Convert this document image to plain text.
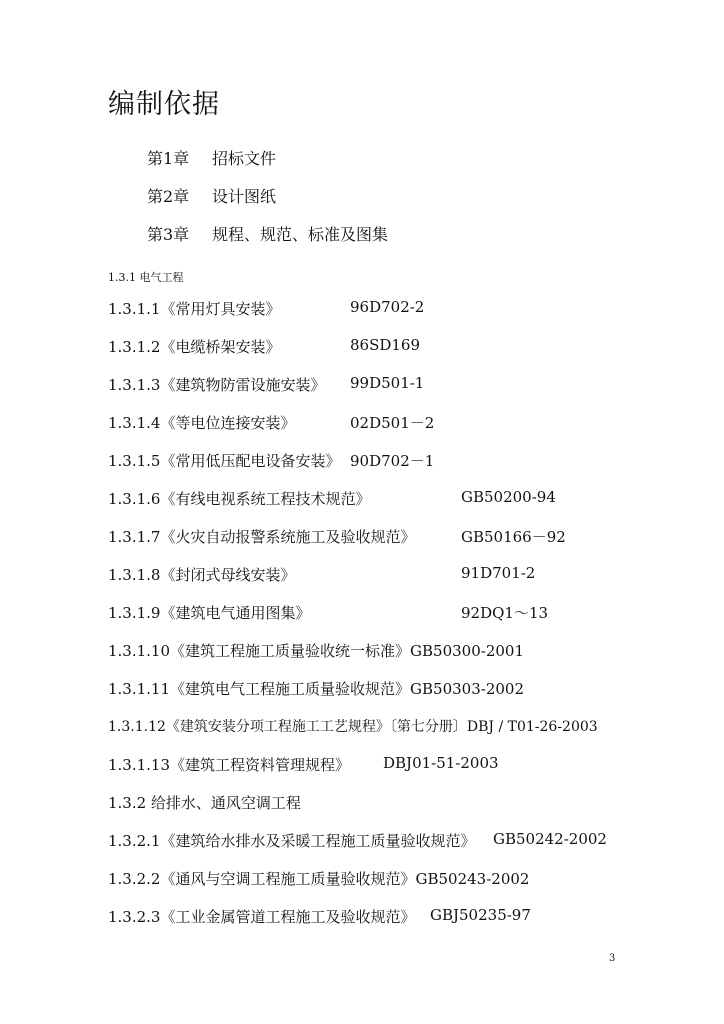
编制依据
第1章 招标文件
第2章 设计图纸
第3章 规程、规范、标准及图集
1.3.1 电气工程
1.3.1.1《常用灯具安装》	96D702-2
1.3.1.2《电缆桥架安装》	86SD169
1.3.1.3《建筑物防雷设施安装》 99D501-1
1.3.1.4《等电位连接安装》	02D501－2
1.3.1.5《常用低压配电设备安装》 90D702－1
1.3.1.6《有线电视系统工程技术规范》	GB50200-94
1.3.1.7《火灾自动报警系统施工及验收规范》	GB50166－92
1.3.1.8《封闭式母线安装》	91D701-2
1.3.1.9《建筑电气通用图集》	92DQ1～13
1.3.1.10《建筑工程施工质量验收统一标准》GB50300-2001
1.3.1.11《建筑电气工程施工质量验收规范》GB50303-2002
1.3.1.12《建筑安装分项工程施工工艺规程》〔第七分册〕DBJ / T01-26-2003
1.3.1.13《建筑工程资料管理规程》 DBJ01-51-2003
1.3.2 给排水、通风空调工程
1.3.2.1《建筑给水排水及采暖工程施工质量验收规范》 GB50242-2002
1.3.2.2《通风与空调工程施工质量验收规范》GB50243-2002
1.3.2.3《工业金属管道工程施工及验收规范》 GBJ50235-97
3
